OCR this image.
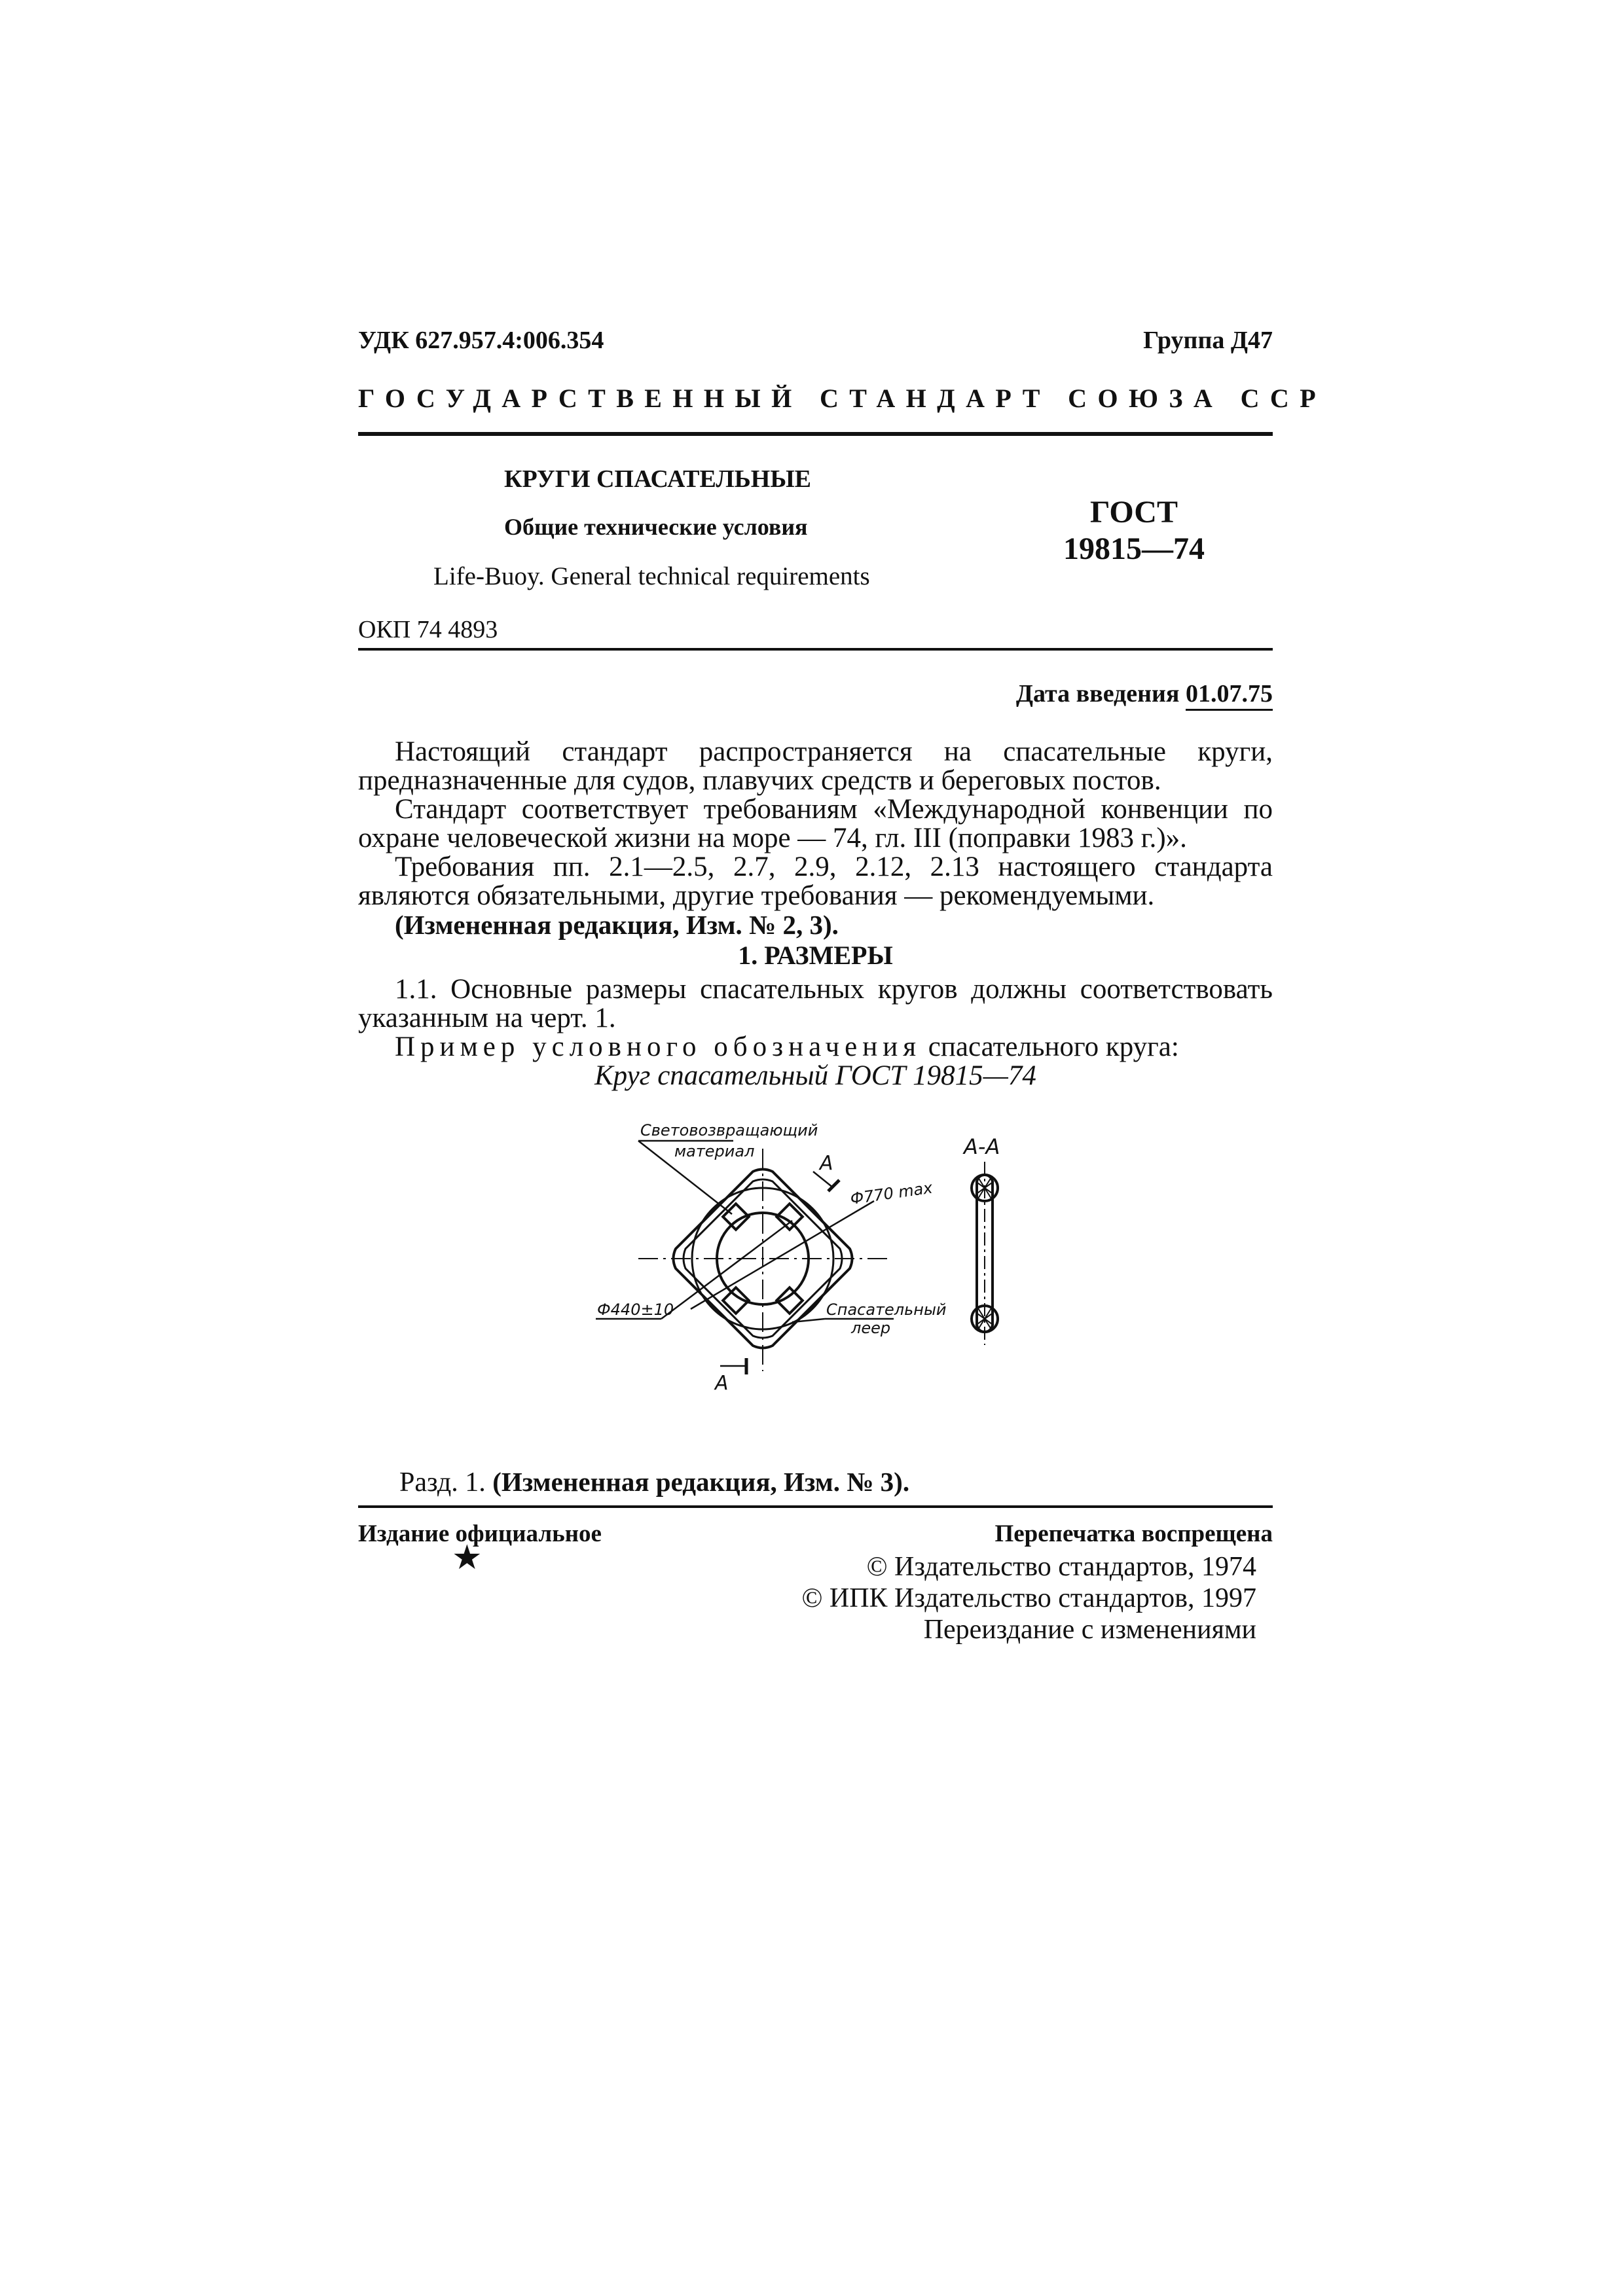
УДК 627.957.4:006.354	Группа Д47
ГОСУДАРСТВЕННЫЙ СТАНДАРТ СОЮЗА ССР
КРУГИ СПАСАТЕЛЬНЫЕ
Общие технические условия
Life-Buoy. General technical requirements
ГОСТ
19815—74
ОКП 74 4893
Дата введения 01.07.75
Настоящий стандарт распространяется на спасательные круги, предназначенные для судов, плавучих средств и береговых постов.
Стандарт соответствует требованиям «Международной конвенции по охране человеческой жизни на море — 74, гл. III (поправки 1983 г.)».
Требования пп. 2.1—2.5, 2.7, 2.9, 2.12, 2.13 настоящего стандарта являются обязательными, другие требования — рекомендуемыми.
(Измененная редакция, Изм. № 2, 3).
1. РАЗМЕРЫ
1.1. Основные размеры спасательных кругов должны соответствовать указанным на черт. 1.
Пример условного обозначения спасательного круга:
Круг спасательный ГОСТ 19815—74
Световозвращающий
материал
А
А-А
Ф770 max
Ф440±10	Спасательный
леер
А
Разд. 1. (Измененная редакция, Изм. № 3).
Издание официальное	Перепечатка воспрещена
★	© Издательство стандартов, 1974
© ИПК Издательство стандартов, 1997
Переиздание с изменениями
